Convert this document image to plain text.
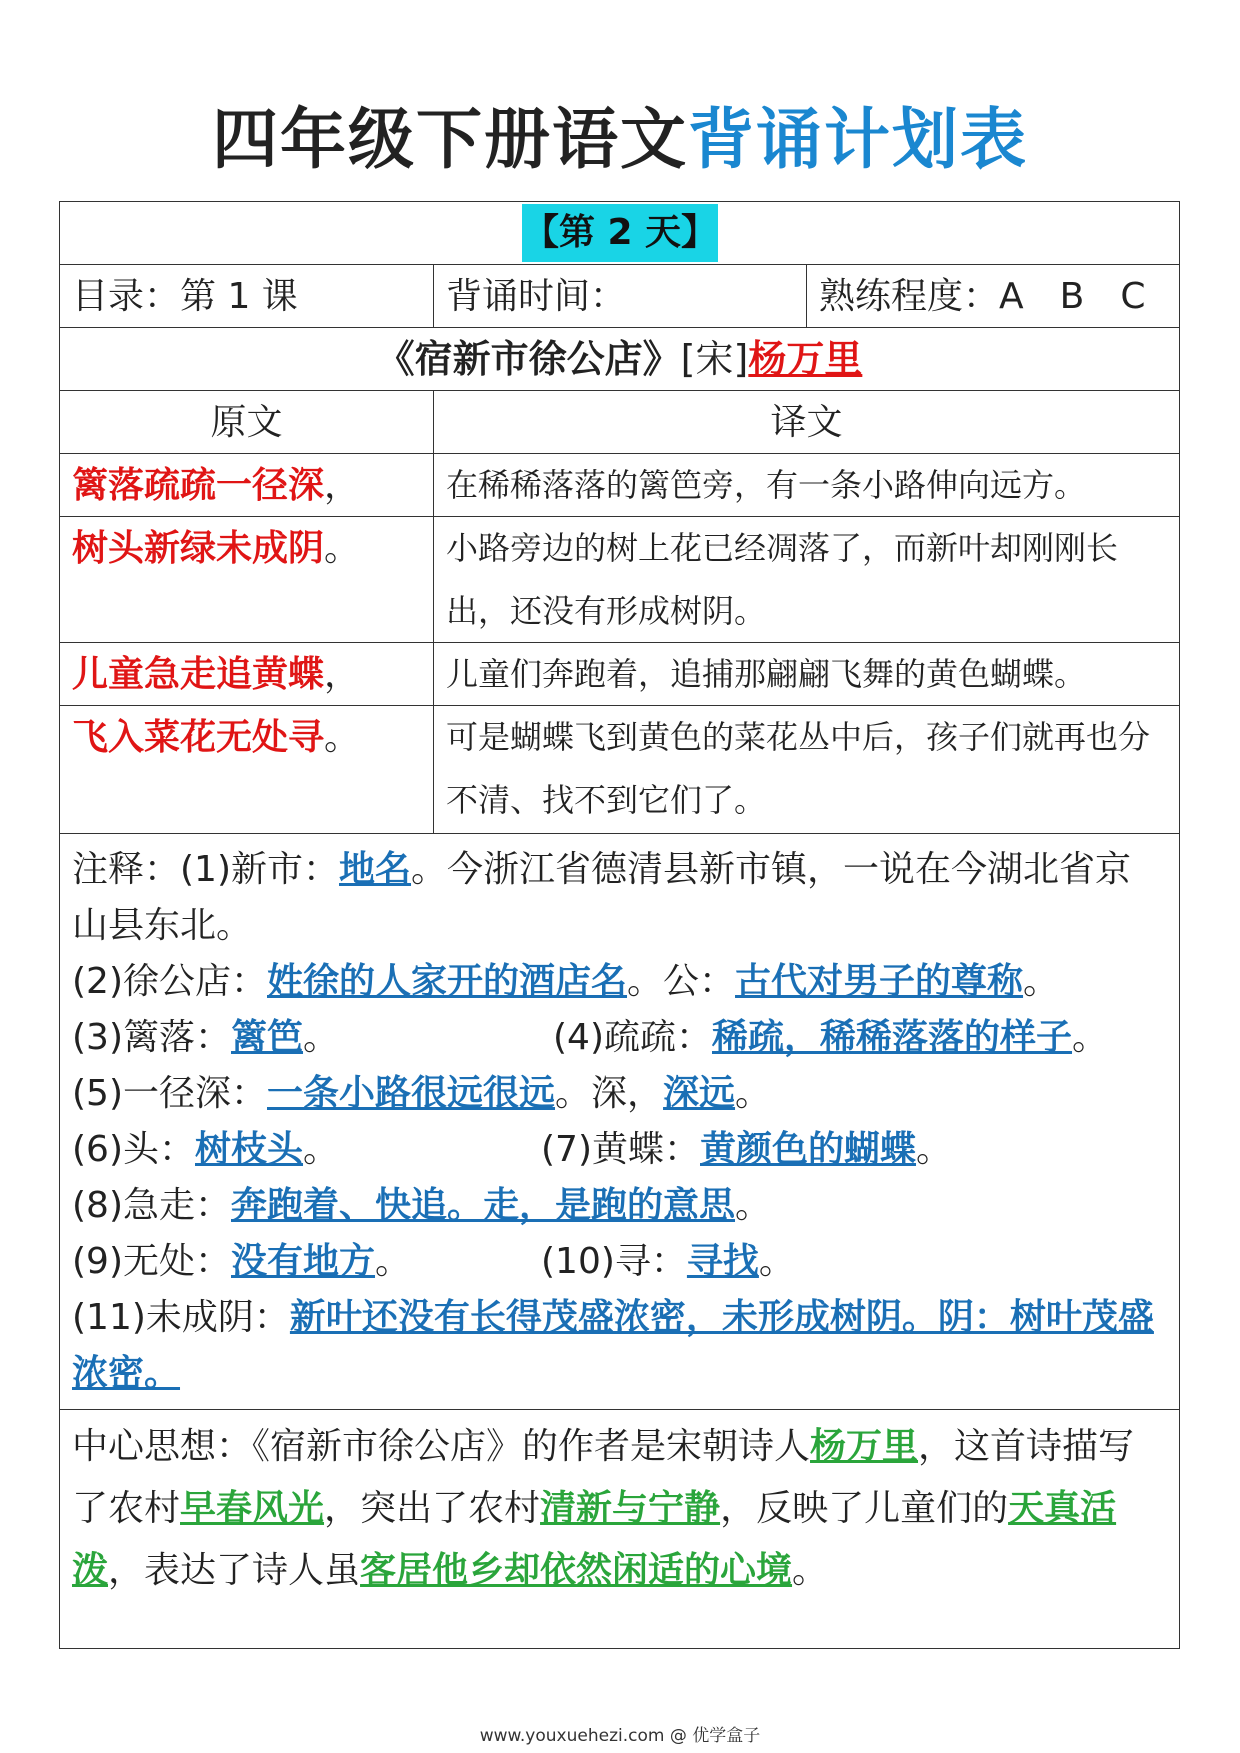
四年级下册语文背诵计划表
【第 2 天】
目录：第 1 课	背诵时间：	熟练程度：A　B　C
《宿新市徐公店》[宋]杨万里
原文	译文
篱落疏疏一径深，	在稀稀落落的篱笆旁，有一条小路伸向远方。
树头新绿未成阴。	小路旁边的树上花已经凋落了，而新叶却刚刚长
出，还没有形成树阴。
儿童急走追黄蝶，	儿童们奔跑着，追捕那翩翩飞舞的黄色蝴蝶。
飞入菜花无处寻。	可是蝴蝶飞到黄色的菜花丛中后，孩子们就再也分
不清、找不到它们了。
注释：(1)新市：地名。今浙江省德清县新市镇，一说在今湖北省京
山县东北。
(2)徐公店：姓徐的人家开的酒店名。公：古代对男子的尊称。
(3)篱落：篱笆。	(4)疏疏：稀疏，稀稀落落的样子。
(5)一径深：一条小路很远很远。深，深远。
(6)头：树枝头。	(7)黄蝶：黄颜色的蝴蝶。
(8)急走：奔跑着、快追。走，是跑的意思。
(9)无处：没有地方。	(10)寻：寻找。
(11)未成阴：新叶还没有长得茂盛浓密，未形成树阴。阴：树叶茂盛
浓密。
中心思想：《宿新市徐公店》的作者是宋朝诗人杨万里，这首诗描写
了农村早春风光，突出了农村清新与宁静，反映了儿童们的天真活
泼，表达了诗人虽客居他乡却依然闲适的心境。
www.youxuehezi.com @ 优学盒子
